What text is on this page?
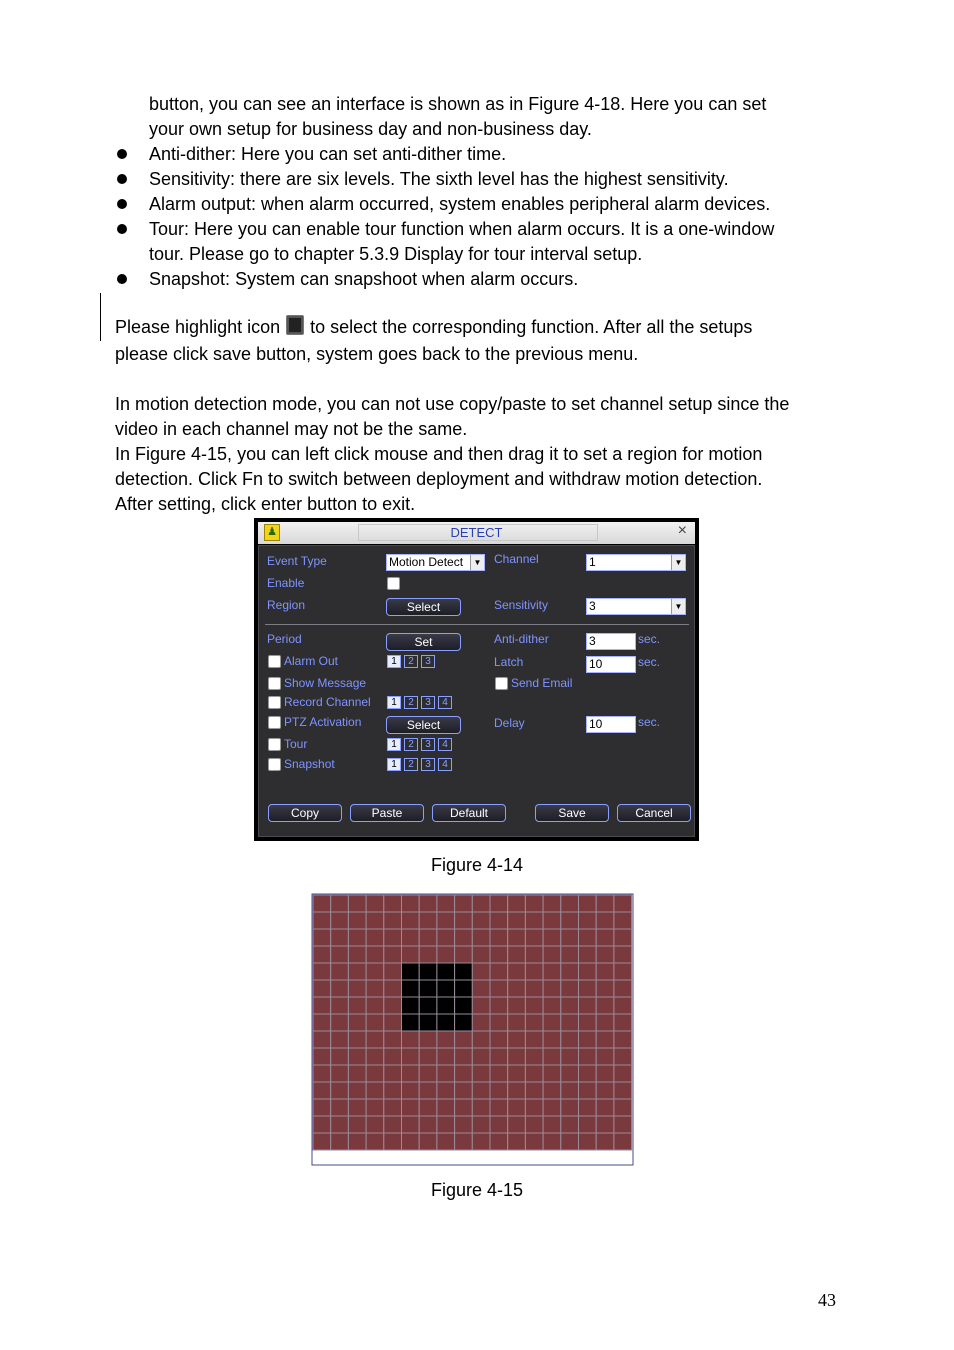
button, you can see an interface is shown as in Figure 4-18. Here you can set
your own setup for business day and non-business day.
Anti-dither: Here you can set anti-dither time.
Sensitivity: there are six levels. The sixth level has the highest sensitivity.
Alarm output: when alarm occurred, system enables peripheral alarm devices.
Tour: Here you can enable tour function when alarm occurs. It is a one-window
tour. Please go to chapter 5.3.9 Display for tour interval setup.
Snapshot: System can snapshoot when alarm occurs.
Please highlight icon to select the corresponding function. After all the setups
please click save button, system goes back to the previous menu.
In motion detection mode, you can not use copy/paste to set channel setup since the
video in each channel may not be the same.
In Figure 4-15, you can left click mouse and then drag it to set a region for motion
detection. Click Fn to switch between deployment and withdraw motion detection.
After setting, click enter button to exit.
♟	DETECT	×
Event Type	Motion Detect	▼ Channel	1	▼
Enable
Region	Select	Sensitivity	3	▼
Period	Set	Anti-dither	3	sec.
Alarm Out	1	2	3	Latch	10	sec.
Show Message	Send Email
Record Channel	1	2	3	4
PTZ Activation	Select	Delay	10	sec.
Tour	1	2	3	4
Snapshot	1	2	3	4
Copy	Paste	Default	Save	Cancel
Figure 4-14
Figure 4-15
43
